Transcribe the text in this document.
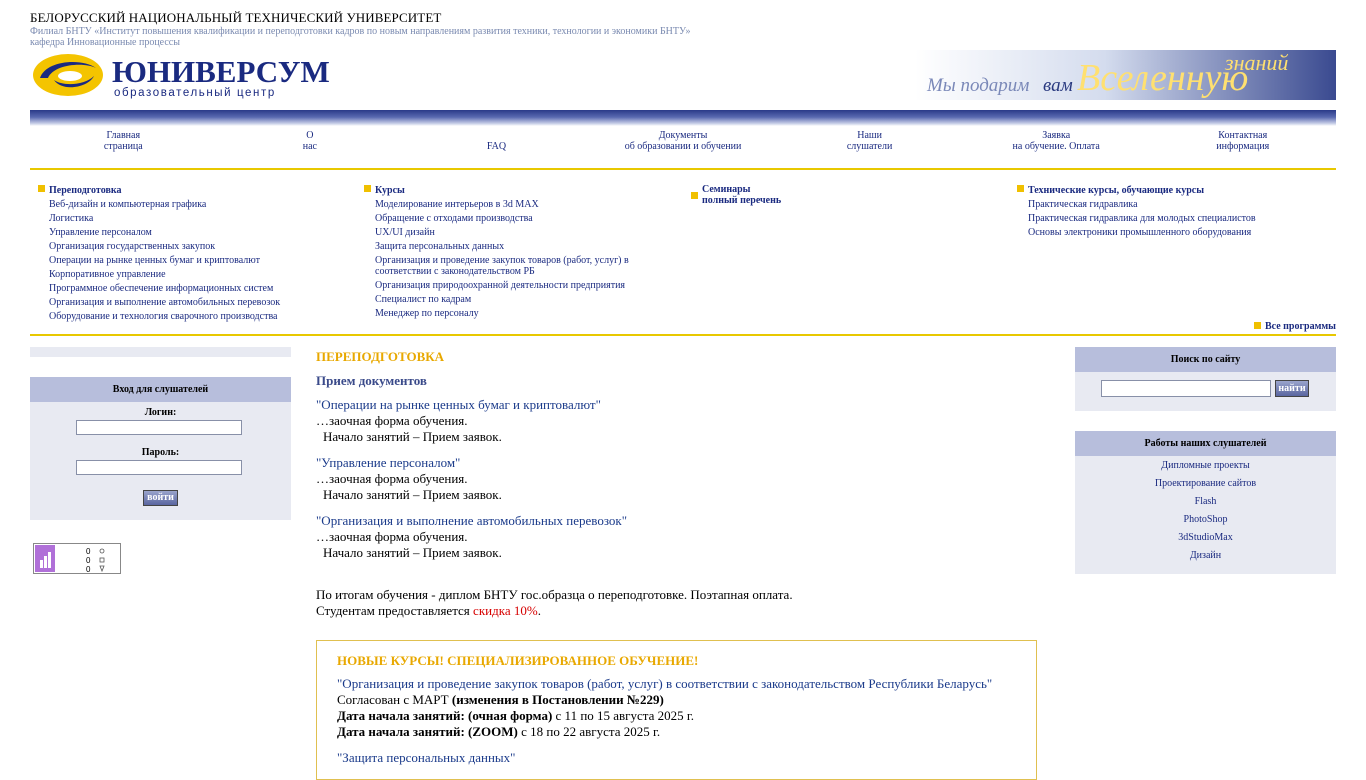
БЕЛОРУССКИЙ НАЦИОНАЛЬНЫЙ ТЕХНИЧЕСКИЙ УНИВЕРСИТЕТ
Филиал БНТУ «Институт повышения квалификации и переподготовки кадров по новым направлениям развития техники, технологии и экономики БНТУ»
кафедра Инновационные процессы
ЮНИВЕРСУМ
образовательный центр	Мы подарим вам Вселенную
знаний
Главная
страница
О
нас	FAQ
Документы
об образовании и обучении
Наши
слушатели
Заявка
на обучение. Оплата
Контактная
информация
Переподготовка
Веб-дизайн и компьютерная графика
Логистика
Управление персоналом
Организация государственных закупок
Операции на рынке ценных бумаг и криптовалют
Корпоративное управление
Программное обеспечение информационных систем
Организация и выполнение автомобильных перевозок
Оборудование и технология сварочного производства
Курсы
Моделирование интерьеров в 3d MAX
Обращение с отходами производства
UX/UI дизайн
Защита персональных данных
Организация и проведение закупок товаров (работ, услуг) в соответствии с законодательством РБ
Организация природоохранной деятельности предприятия
Специалист по кадрам
Менеджер по персоналу
Семинары
полный перечень
Технические курсы, обучающие курсы
Практическая гидравлика
Практическая гидравлика для молодых специалистов
Основы электроники промышленного оборудования
Все программы
Вход для слушателей
Логин:
Пароль:
войти
0
0
0
ПЕРЕПОДГОТОВКА
Прием документов
"Операции на рынке ценных бумаг и криптовалют"
…заочная форма обучения.
Начало занятий – Прием заявок.
"Управление персоналом"
…заочная форма обучения.
Начало занятий – Прием заявок.
"Организация и выполнение автомобильных перевозок"
…заочная форма обучения.
Начало занятий – Прием заявок.
По итогам обучения - диплом БНТУ гос.образца о переподготовке. Поэтапная оплата.
Студентам предоставляется скидка 10%.
НОВЫЕ КУРСЫ! СПЕЦИАЛИЗИРОВАННОЕ ОБУЧЕНИЕ!
"Организация и проведение закупок товаров (работ, услуг) в соответствии с законодательством Республики Беларусь"
Согласован с МАРТ (изменения в Постановлении №229)
Дата начала занятий: (очная форма) с 11 по 15 августа 2025 г.
Дата начала занятий: (ZOOM) с 18 по 22 августа 2025 г.
"Защита персональных данных"
Поиск по сайту
найти
Работы наших слушателей
Дипломные проекты
Проектирование сайтов
Flash
PhotoShop
3dStudioMax
Дизайн
